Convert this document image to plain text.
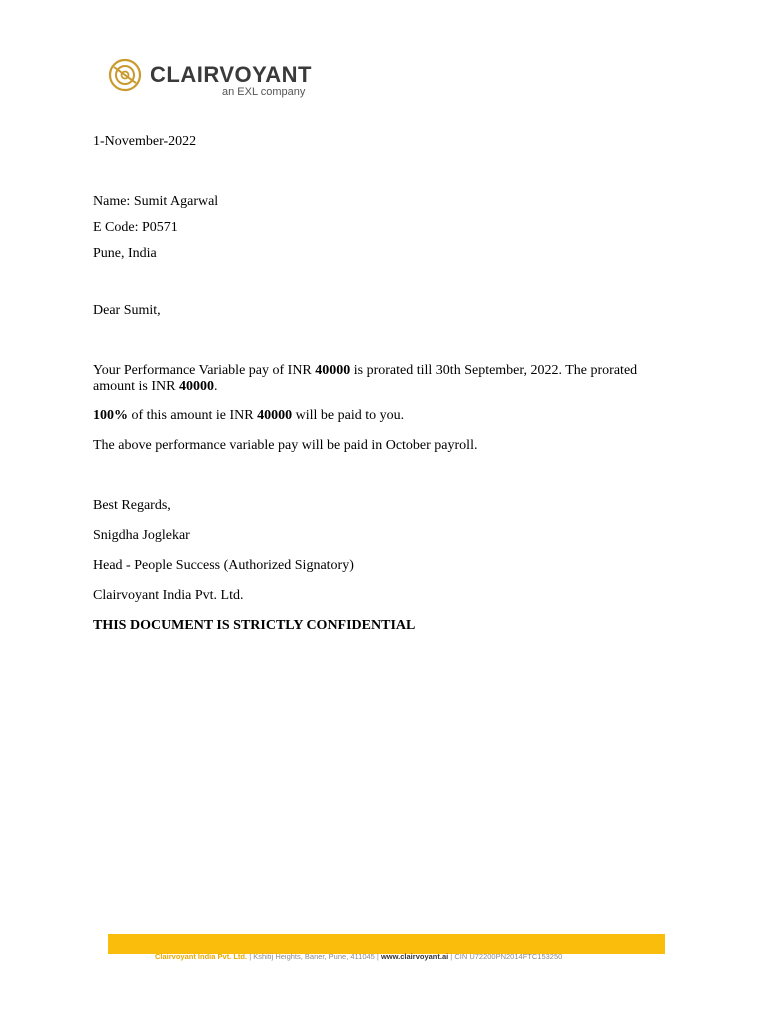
CLAIRVOYANT
an EXL company
1-November-2022
Name: Sumit Agarwal
E Code: P0571
Pune, India
Dear Sumit,
Your Performance Variable pay of INR 40000 is prorated till 30th September, 2022. The prorated amount is INR 40000.
100% of this amount ie INR 40000 will be paid to you.
The above performance variable pay will be paid in October payroll.
Best Regards,
Snigdha Joglekar
Head - People Success (Authorized Signatory)
Clairvoyant India Pvt. Ltd.
THIS DOCUMENT IS STRICTLY CONFIDENTIAL
Clairvoyant India Pvt. Ltd. | Kshitij Heights, Baner, Pune, 411045 | www.clairvoyant.ai | CIN U72200PN2014FTC153250
